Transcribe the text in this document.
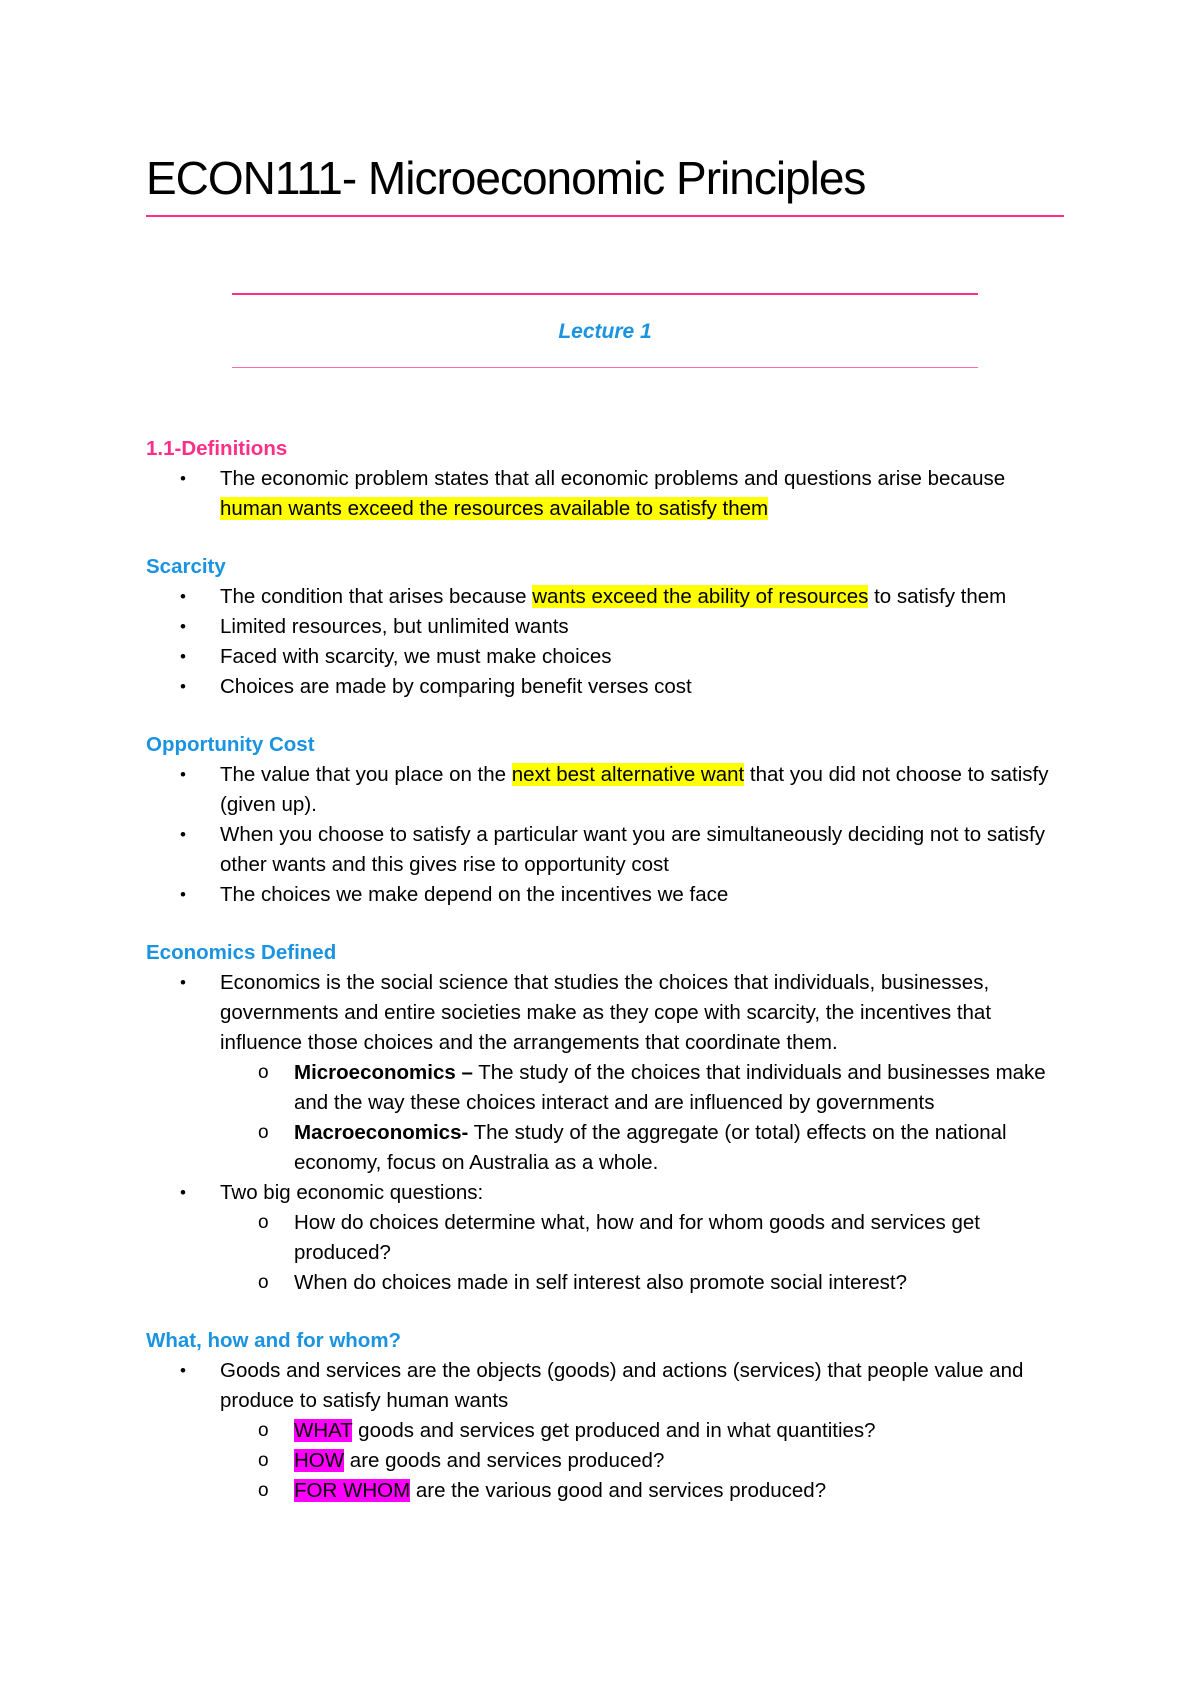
ECON111- Microeconomic Principles
Lecture 1

1.1-Definitions

• The economic problem states that all economic problems and questions arise because human wants exceed the resources available to satisfy them

Scarcity

• The condition that arises because wants exceed the ability of resources to satisfy them
• Limited resources, but unlimited wants
• Faced with scarcity, we must make choices
• Choices are made by comparing benefit verses cost

Opportunity Cost

• The value that you place on the next best alternative want that you did not choose to satisfy (given up).
• When you choose to satisfy a particular want you are simultaneously deciding not to satisfy other wants and this gives rise to opportunity cost
• The choices we make depend on the incentives we face

Economics Defined

• Economics is the social science that studies the choices that individuals, businesses, governments and entire societies make as they cope with scarcity, the incentives that influence those choices and the arrangements that coordinate them.
o Microeconomics – The study of the choices that individuals and businesses make and the way these choices interact and are influenced by governments
o Macroeconomics- The study of the aggregate (or total) effects on the national economy, focus on Australia as a whole.
• Two big economic questions:
o How do choices determine what, how and for whom goods and services get produced?
o When do choices made in self interest also promote social interest?

What, how and for whom?

• Goods and services are the objects (goods) and actions (services) that people value and produce to satisfy human wants
o WHAT goods and services get produced and in what quantities?
o HOW are goods and services produced?
o FOR WHOM are the various good and services produced?
